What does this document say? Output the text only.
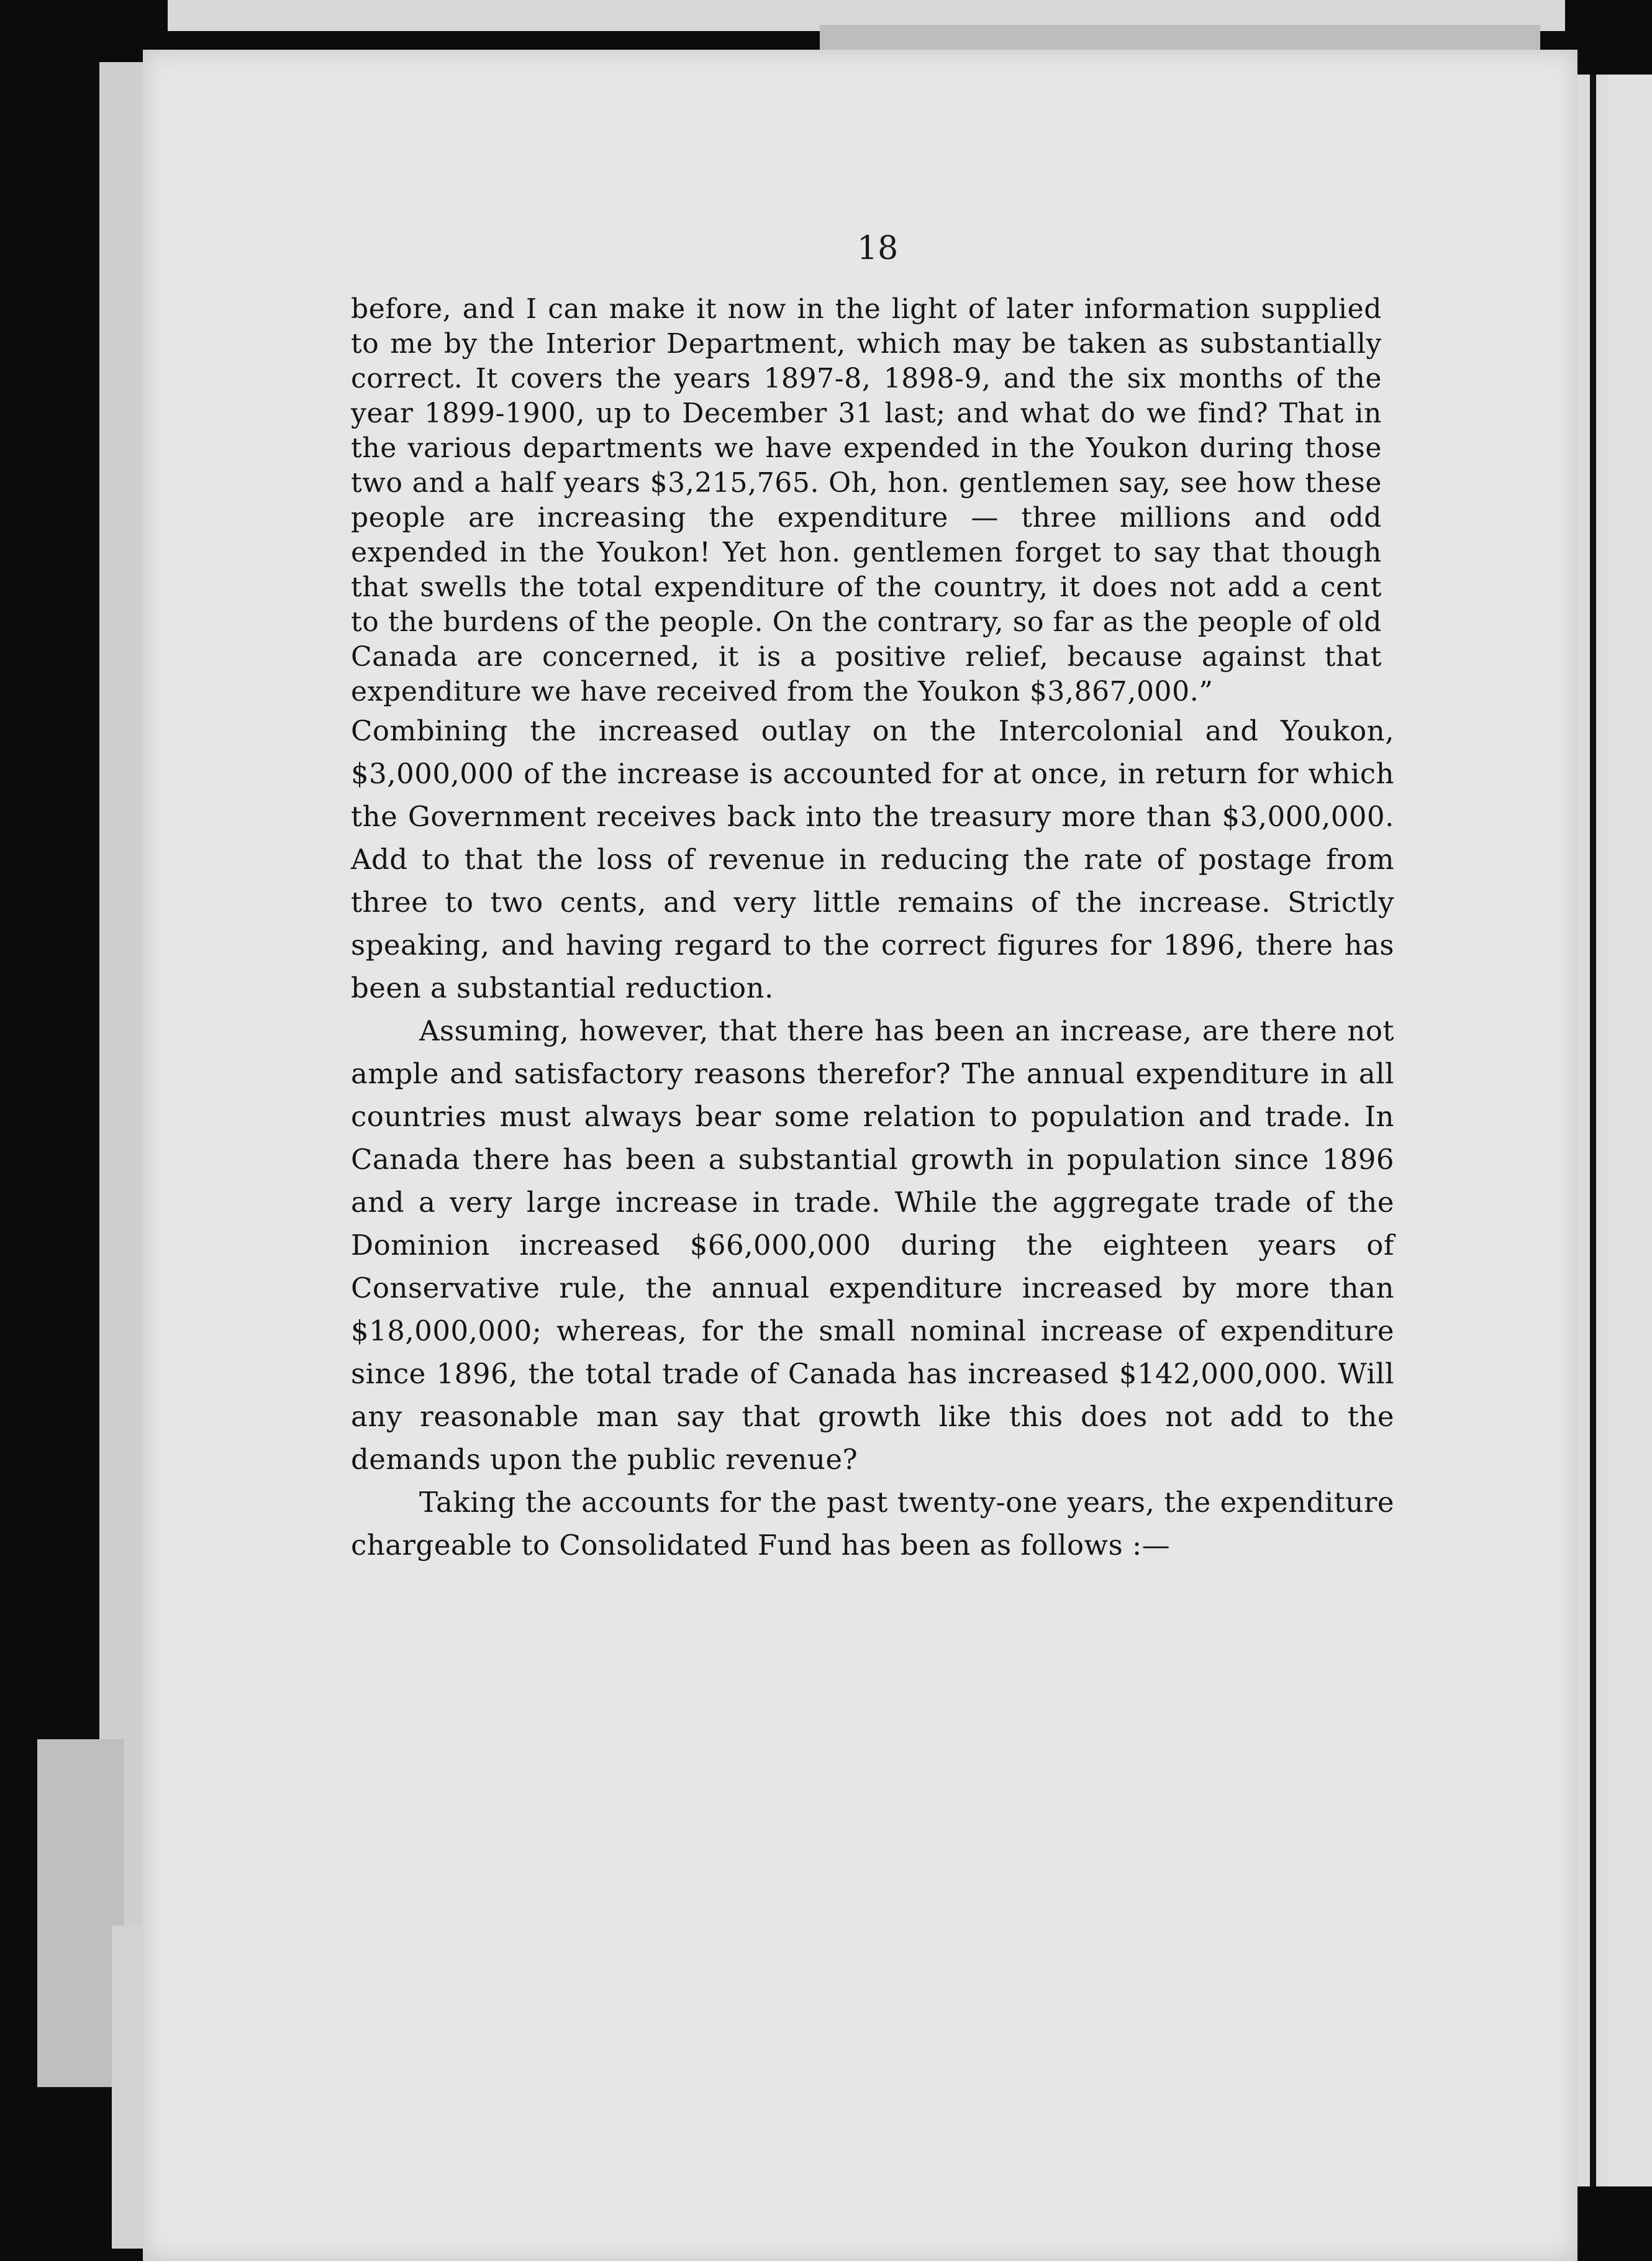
18

before, and I can make it now in the light of later information supplied to me by the Interior Department, which may be taken as substantially correct. It covers the years 1897-8, 1898-9, and the six months of the year 1899-1900, up to December 31 last; and what do we find? That in the various departments we have expended in the Youkon during those two and a half years $3,215,765. Oh, hon. gentlemen say, see how these people are increasing the expenditure — three millions and odd expended in the Youkon! Yet hon. gentlemen forget to say that though that swells the total expenditure of the country, it does not add a cent to the burdens of the people. On the contrary, so far as the people of old Canada are concerned, it is a positive relief, because against that expenditure we have received from the Youkon $3,867,000.”

Combining the increased outlay on the Intercolonial and Youkon, $3,000,000 of the increase is accounted for at once, in return for which the Government receives back into the treasury more than $3,000,000. Add to that the loss of revenue in reducing the rate of postage from three to two cents, and very little remains of the increase. Strictly speaking, and having regard to the correct figures for 1896, there has been a substantial reduction.

Assuming, however, that there has been an increase, are there not ample and satisfactory reasons therefor? The annual expenditure in all countries must always bear some relation to population and trade. In Canada there has been a substantial growth in population since 1896 and a very large increase in trade. While the aggregate trade of the Dominion increased $66,000,000 during the eighteen years of Conservative rule, the annual expenditure increased by more than $18,000,000; whereas, for the small nominal increase of expenditure since 1896, the total trade of Canada has increased $142,000,000. Will any reasonable man say that growth like this does not add to the demands upon the public revenue?

Taking the accounts for the past twenty-one years, the expenditure chargeable to Consolidated Fund has been as follows :—
